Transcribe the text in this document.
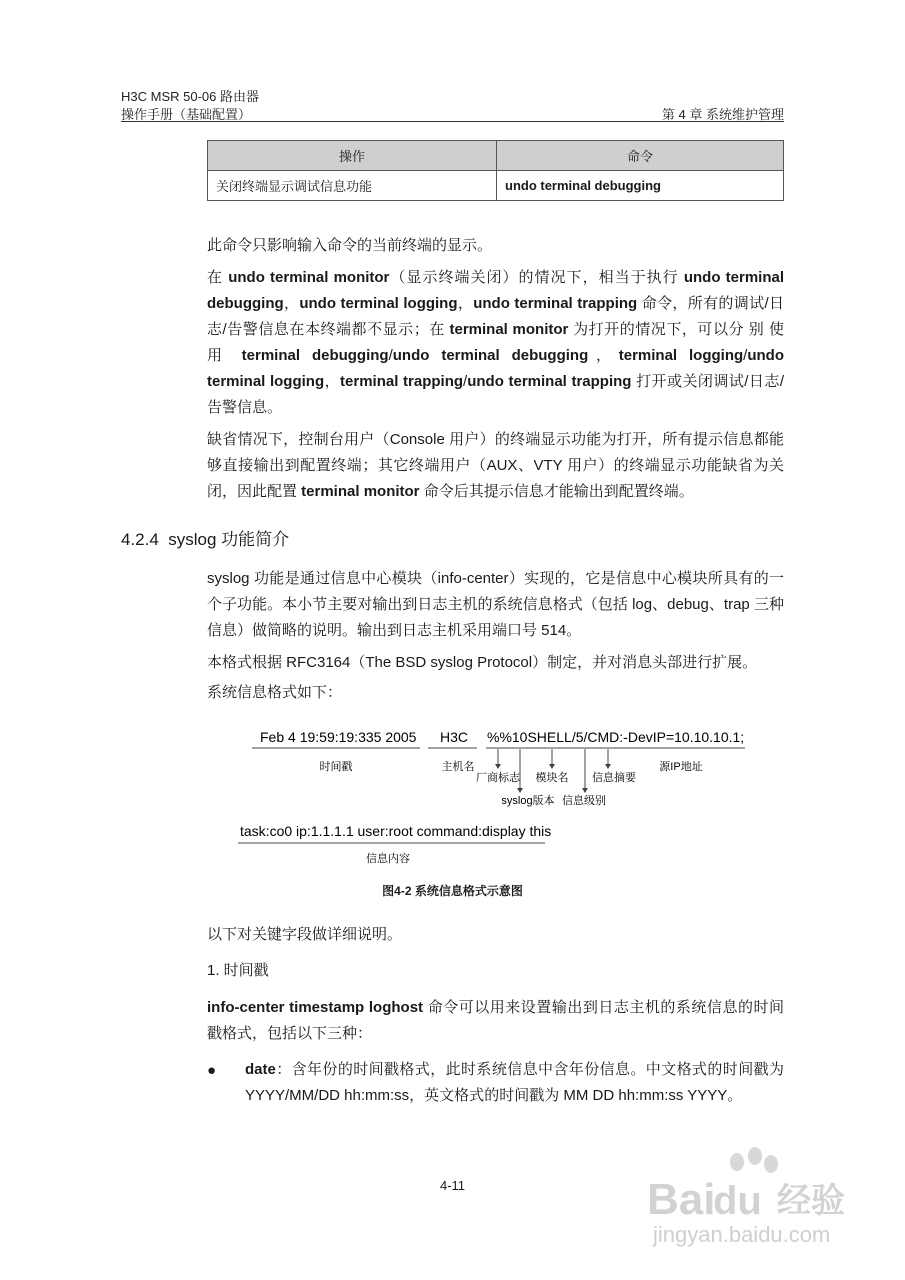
H3C MSR 50-06 路由器
操作手册（基础配置）	第 4 章 系统维护管理
操作	命令
关闭终端显示调试信息功能	undo terminal debugging
此命令只影响输入命令的当前终端的显示。
在 undo terminal monitor（显示终端关闭）的情况下，相当于执行 undo terminal debugging，undo terminal logging，undo terminal trapping 命令，所有的调试/日志/告警信息在本终端都不显示；在 terminal monitor 为打开的情况下，可以分 别 使 用 terminal debugging/undo terminal debugging，terminal logging/undo terminal logging，terminal trapping/undo terminal trapping 打开或关闭调试/日志/告警信息。
缺省情况下，控制台用户（Console 用户）的终端显示功能为打开，所有提示信息都能够直接输出到配置终端；其它终端用户（AUX、VTY 用户）的终端显示功能缺省为关闭，因此配置 terminal monitor 命令后其提示信息才能输出到配置终端。
4.2.4 syslog 功能简介
syslog 功能是通过信息中心模块（info-center）实现的，它是信息中心模块所具有的一个子功能。本小节主要对输出到日志主机的系统信息格式（包括 log、debug、trap 三种信息）做简略的说明。输出到日志主机采用端口号 514。
本格式根据 RFC3164（The BSD syslog Protocol）制定，并对消息头部进行扩展。
系统信息格式如下：
Feb 4 19:59:19:335 2005 H3C %%10SHELL/5/CMD:-DevIP=10.10.10.1;
时间戳	主机名
厂商标志 模块名 信息摘要
源IP地址
syslog版本 信息级别
task:co0 ip:1.1.1.1 user:root command:display this
信息内容
图4-2 系统信息格式示意图
以下对关键字段做详细说明。
1. 时间戳
info-center timestamp loghost 命令可以用来设置输出到日志主机的系统信息的时间戳格式，包括以下三种：
● date：含年份的时间戳格式，此时系统信息中含年份信息。中文格式的时间戳为 YYYY/MM/DD hh:mm:ss，英文格式的时间戳为 MM DD hh:mm:ss YYYY。
4-11	Bai
du 经验
jingyan.baidu.com
